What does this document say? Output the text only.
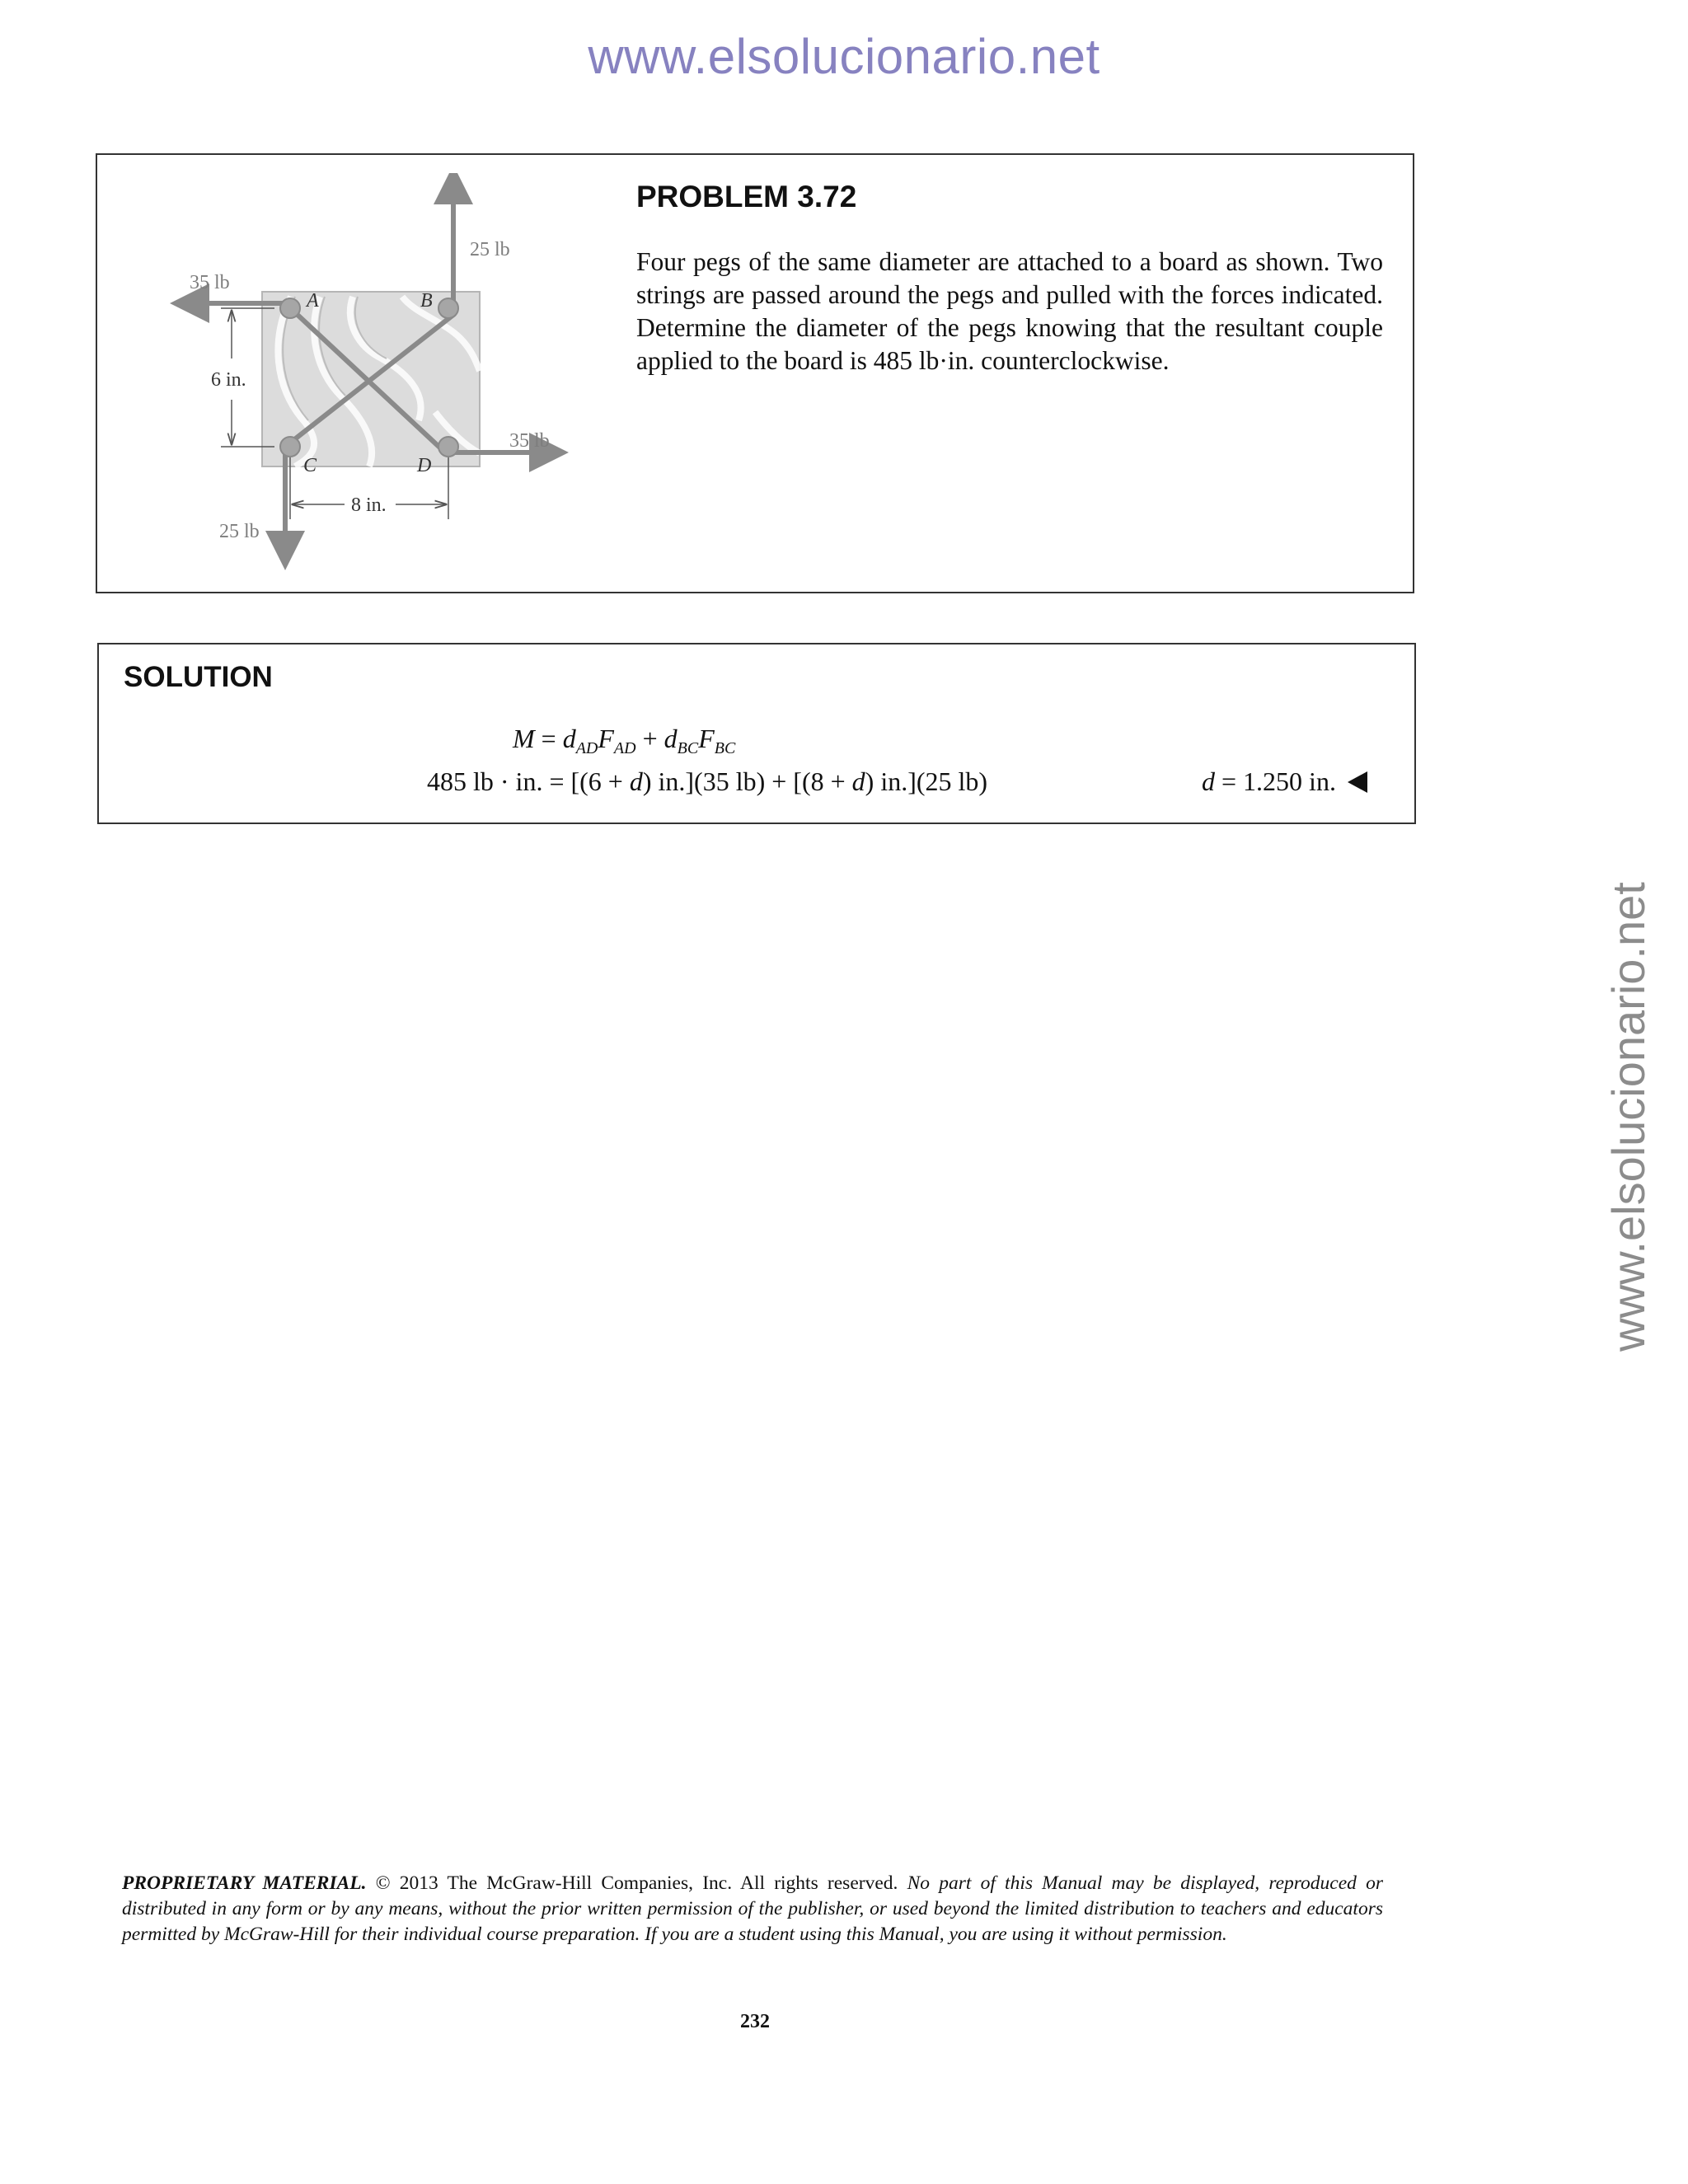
www.elsolucionario.net
www.elsolucionario.net
25 lb
35 lb
35 lb
25 lb
6 in.
8 in.
A	B
C	D
PROBLEM 3.72
Four pegs of the same diameter are attached to a board as shown. Two strings are passed around the pegs and pulled with the forces indicated. Determine the diameter of the pegs knowing that the resultant couple applied to the board is 485 lb·in. counterclockwise.
SOLUTION
$M = d_{AD}F_{AD} + d_{BC}F_{BC}$
485 lb · in. = [(6 + d) in.](35 lb) + [(8 + d) in.](25 lb)	d = 1.250 in.
PROPRIETARY MATERIAL. © 2013 The McGraw-Hill Companies, Inc. All rights reserved. No part of this Manual may be displayed, reproduced or distributed in any form or by any means, without the prior written permission of the publisher, or used beyond the limited distribution to teachers and educators permitted by McGraw-Hill for their individual course preparation. If you are a student using this Manual, you are using it without permission.
232
